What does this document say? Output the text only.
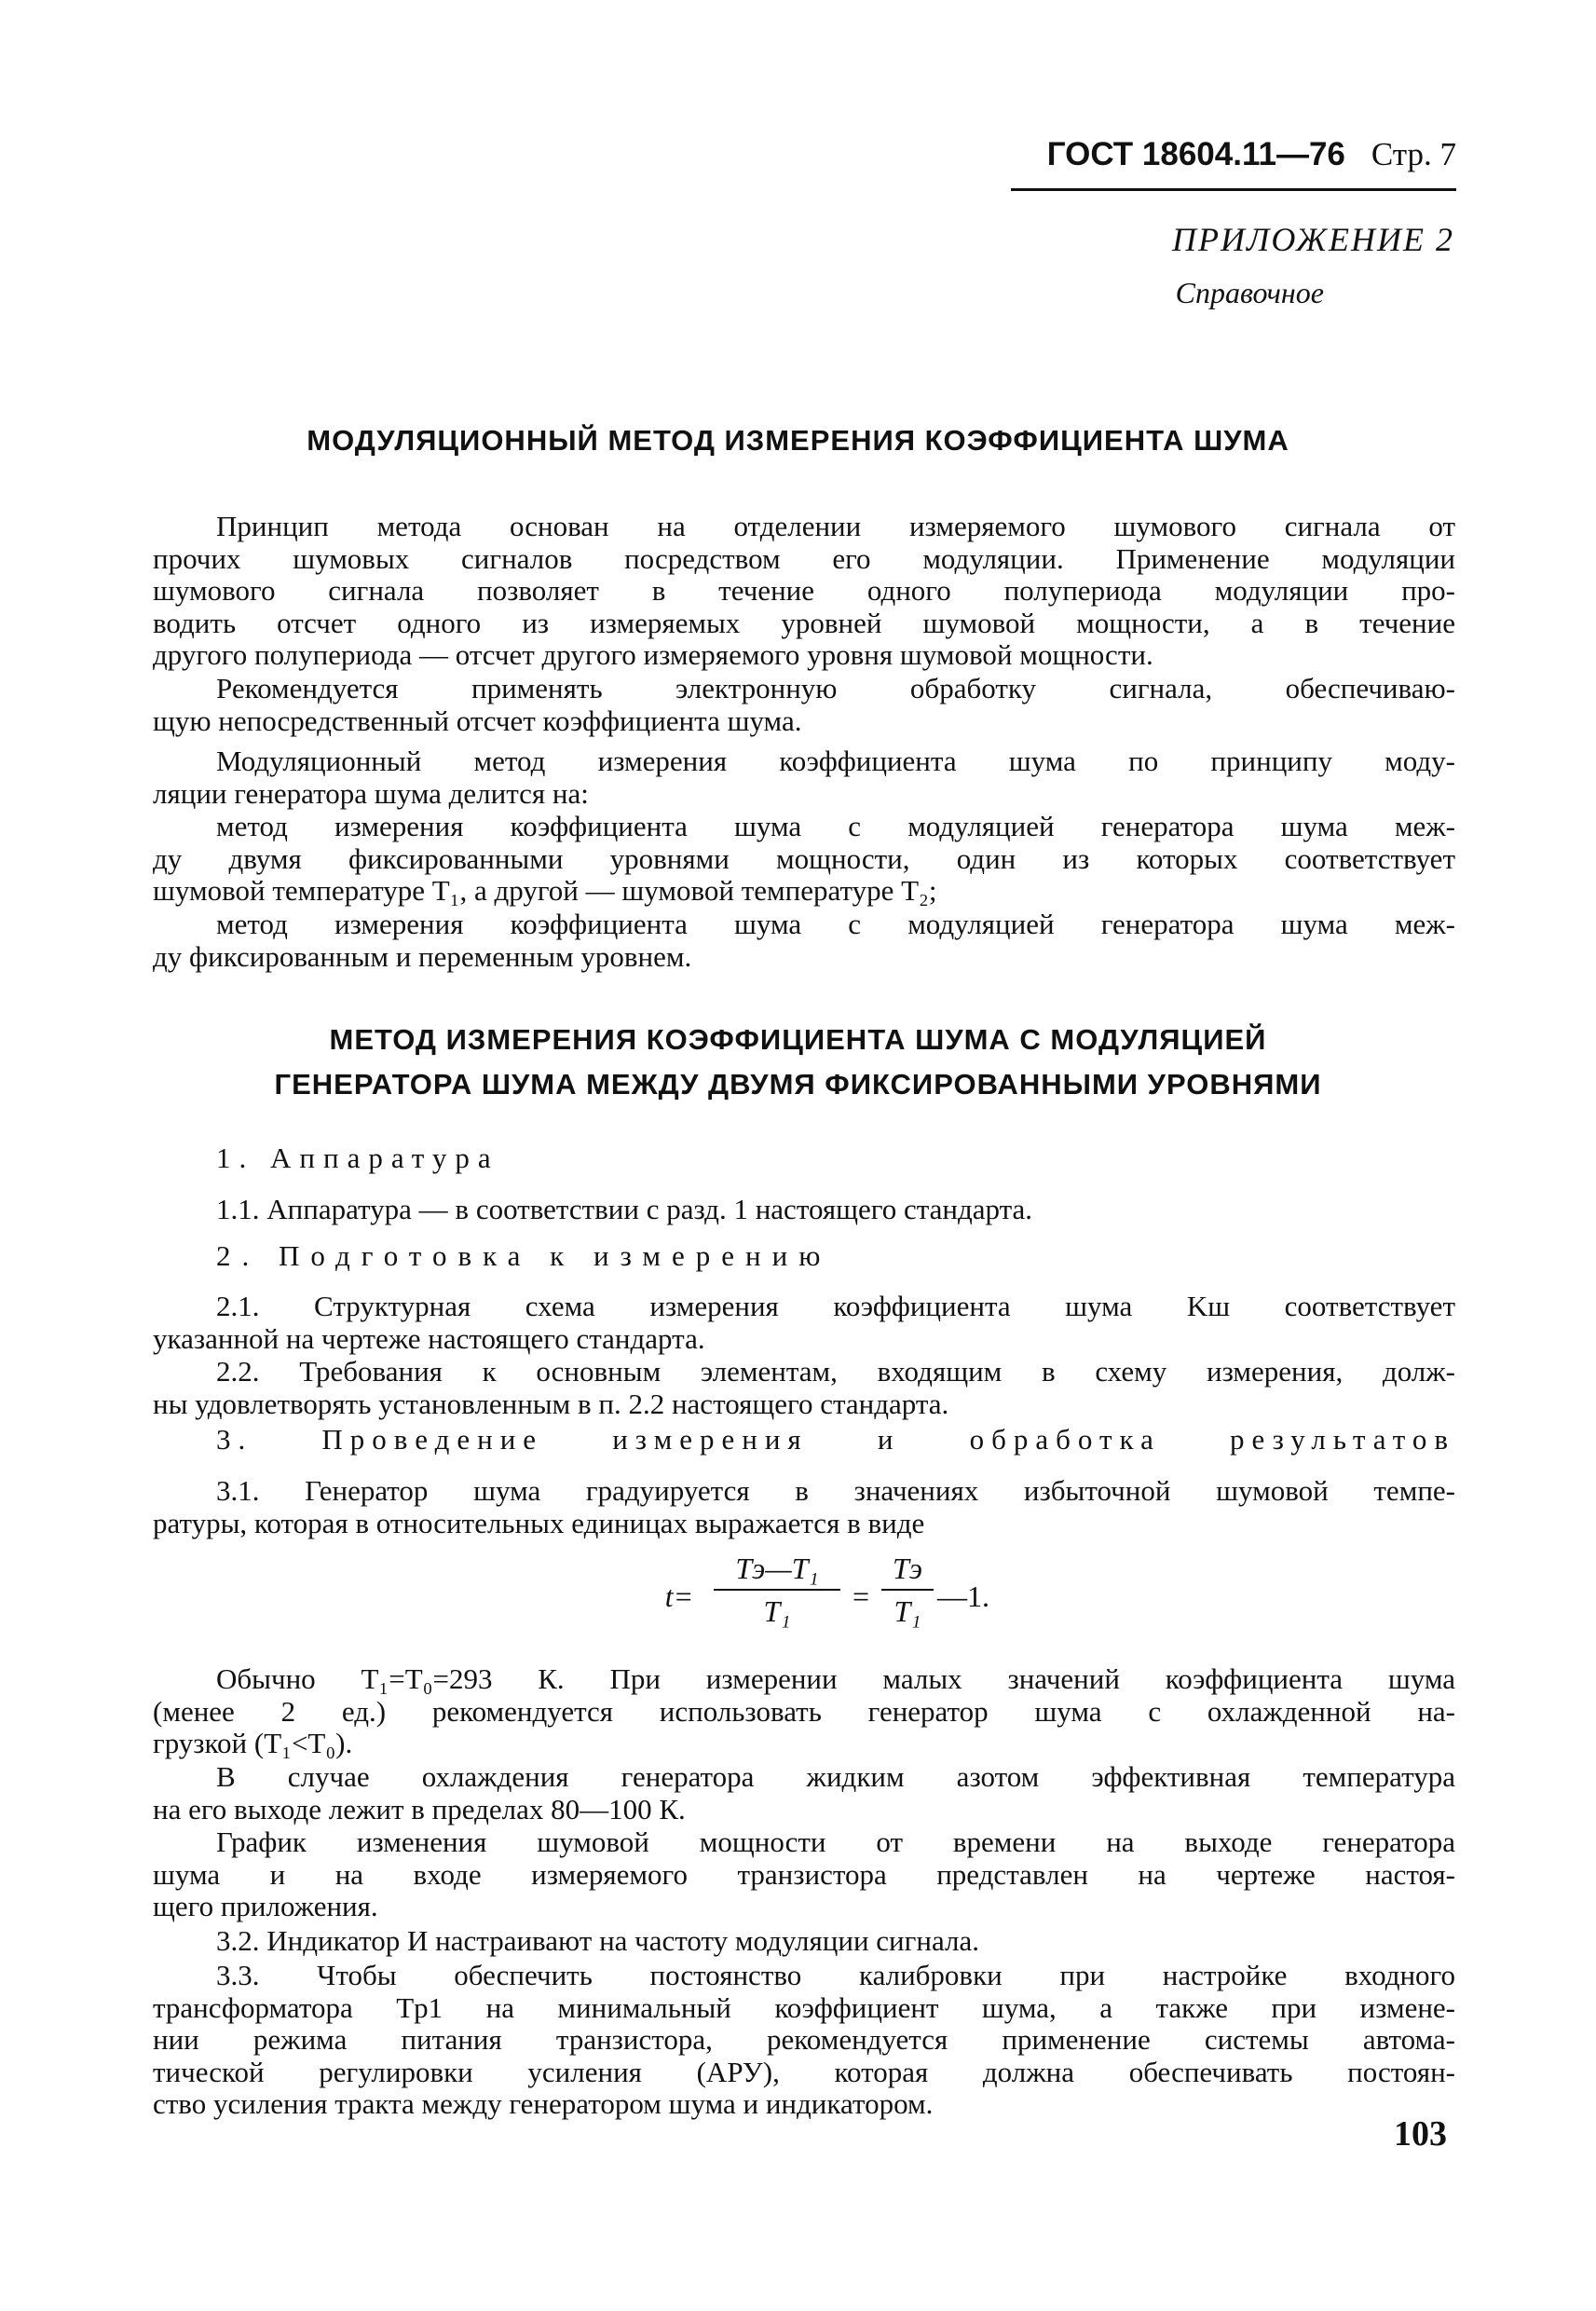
ГОСТ 18604.11—76 Стр. 7
ПРИЛОЖЕНИЕ 2
Справочное
МОДУЛЯЦИОННЫЙ МЕТОД ИЗМЕРЕНИЯ КОЭФФИЦИЕНТА ШУМА
Принцип метода основан на отделении измеряемого шумового сигнала от
прочих шумовых сигналов посредством его модуляции. Применение модуляции
шумового сигнала позволяет в течение одного полупериода модуляции про-
водить отсчет одного из измеряемых уровней шумовой мощности, а в течение
другого полупериода — отсчет другого измеряемого уровня шумовой мощности.
Рекомендуется применять электронную обработку сигнала, обеспечиваю-
щую непосредственный отсчет коэффициента шума.
Модуляционный метод измерения коэффициента шума по принципу моду-
ляции генератора шума делится на:
метод измерения коэффициента шума с модуляцией генератора шума меж-
ду двумя фиксированными уровнями мощности, один из которых соответствует
шумовой температуре T₁, а другой — шумовой температуре T₂;
метод измерения коэффициента шума с модуляцией генератора шума меж-
ду фиксированным и переменным уровнем.
МЕТОД ИЗМЕРЕНИЯ КОЭФФИЦИЕНТА ШУМА С МОДУЛЯЦИЕЙ
ГЕНЕРАТОРА ШУМА МЕЖДУ ДВУМЯ ФИКСИРОВАННЫМИ УРОВНЯМИ
1. Аппаратура
1.1. Аппаратура — в соответствии с разд. 1 настоящего стандарта.
2. Подготовка к измерению
2.1. Структурная схема измерения коэффициента шума Kш соответствует
указанной на чертеже настоящего стандарта.
2.2. Требования к основным элементам, входящим в схему измерения, долж-
ны удовлетворять установленным в п. 2.2 настоящего стандарта.
3. Проведение измерения и обработка результатов
3.1. Генератор шума градуируется в значениях избыточной шумовой темпе-
ратуры, которая в относительных единицах выражается в виде
t=
Tэ—T₁
T₁	=
Tэ
T₁ —1.
Обычно T₁=T₀=293 К. При измерении малых значений коэффициента шума
(менее 2 ед.) рекомендуется использовать генератор шума с охлажденной на-
грузкой (T₁<T₀).
В случае охлаждения генератора жидким азотом эффективная температура
на его выходе лежит в пределах 80—100 К.
График изменения шумовой мощности от времени на выходе генератора
шума и на входе измеряемого транзистора представлен на чертеже настоя-
щего приложения.
3.2. Индикатор И настраивают на частоту модуляции сигнала.
3.3. Чтобы обеспечить постоянство калибровки при настройке входного
трансформатора Tp1 на минимальный коэффициент шума, а также при измене-
нии режима питания транзистора, рекомендуется применение системы автома-
тической регулировки усиления (АРУ), которая должна обеспечивать постоян-
ство усиления тракта между генератором шума и индикатором.
103
